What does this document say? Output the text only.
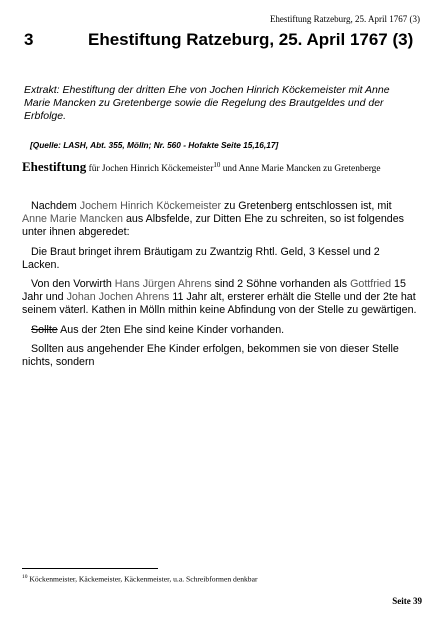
Ehestiftung Ratzeburg, 25. April 1767 (3)
3	Ehestiftung Ratzeburg, 25. April 1767 (3)
Extrakt: Ehestiftung der dritten Ehe von Jochen Hinrich Köckemeister mit Anne Marie Mancken zu Gretenberge sowie die Regelung des Brautgeldes und der Erbfolge.
[Quelle: LASH, Abt. 355, Mölln; Nr. 560 - Hofakte Seite 15,16,17]
Ehestiftung für Jochen Hinrich Köckemeister$^{10}$ und Anne Marie Mancken zu Gretenberge

Nachdem Jochem Hinrich Köckemeister zu Gretenberg entschlossen ist, mit Anne Marie Mancken aus Albsfelde, zur Ditten Ehe zu schreiten, so ist folgendes unter ihnen abgeredet:

Die Braut bringet ihrem Bräutigam zu Zwantzig Rhtl. Geld, 3 Kessel und 2 Lacken.

Von den Vorwirth Hans Jürgen Ahrens sind 2 Söhne vorhanden als Gottfried 15 Jahr und Johan Jochen Ahrens 11 Jahr alt, ersterer erhält die Stelle und der 2te hat seinem väterl. Kathen in Mölln mithin keine Abfindung von der Stelle zu gewärtigen.

Sollte Aus der 2ten Ehe sind keine Kinder vorhanden.

Sollten aus angehender Ehe Kinder erfolgen, bekommen sie von dieser Stelle nichts, sondern

$^{10}$ Köckenmeister, Käckemeister, Käckenmeister, u.a. Schreibformen denkbar
Seite 39
